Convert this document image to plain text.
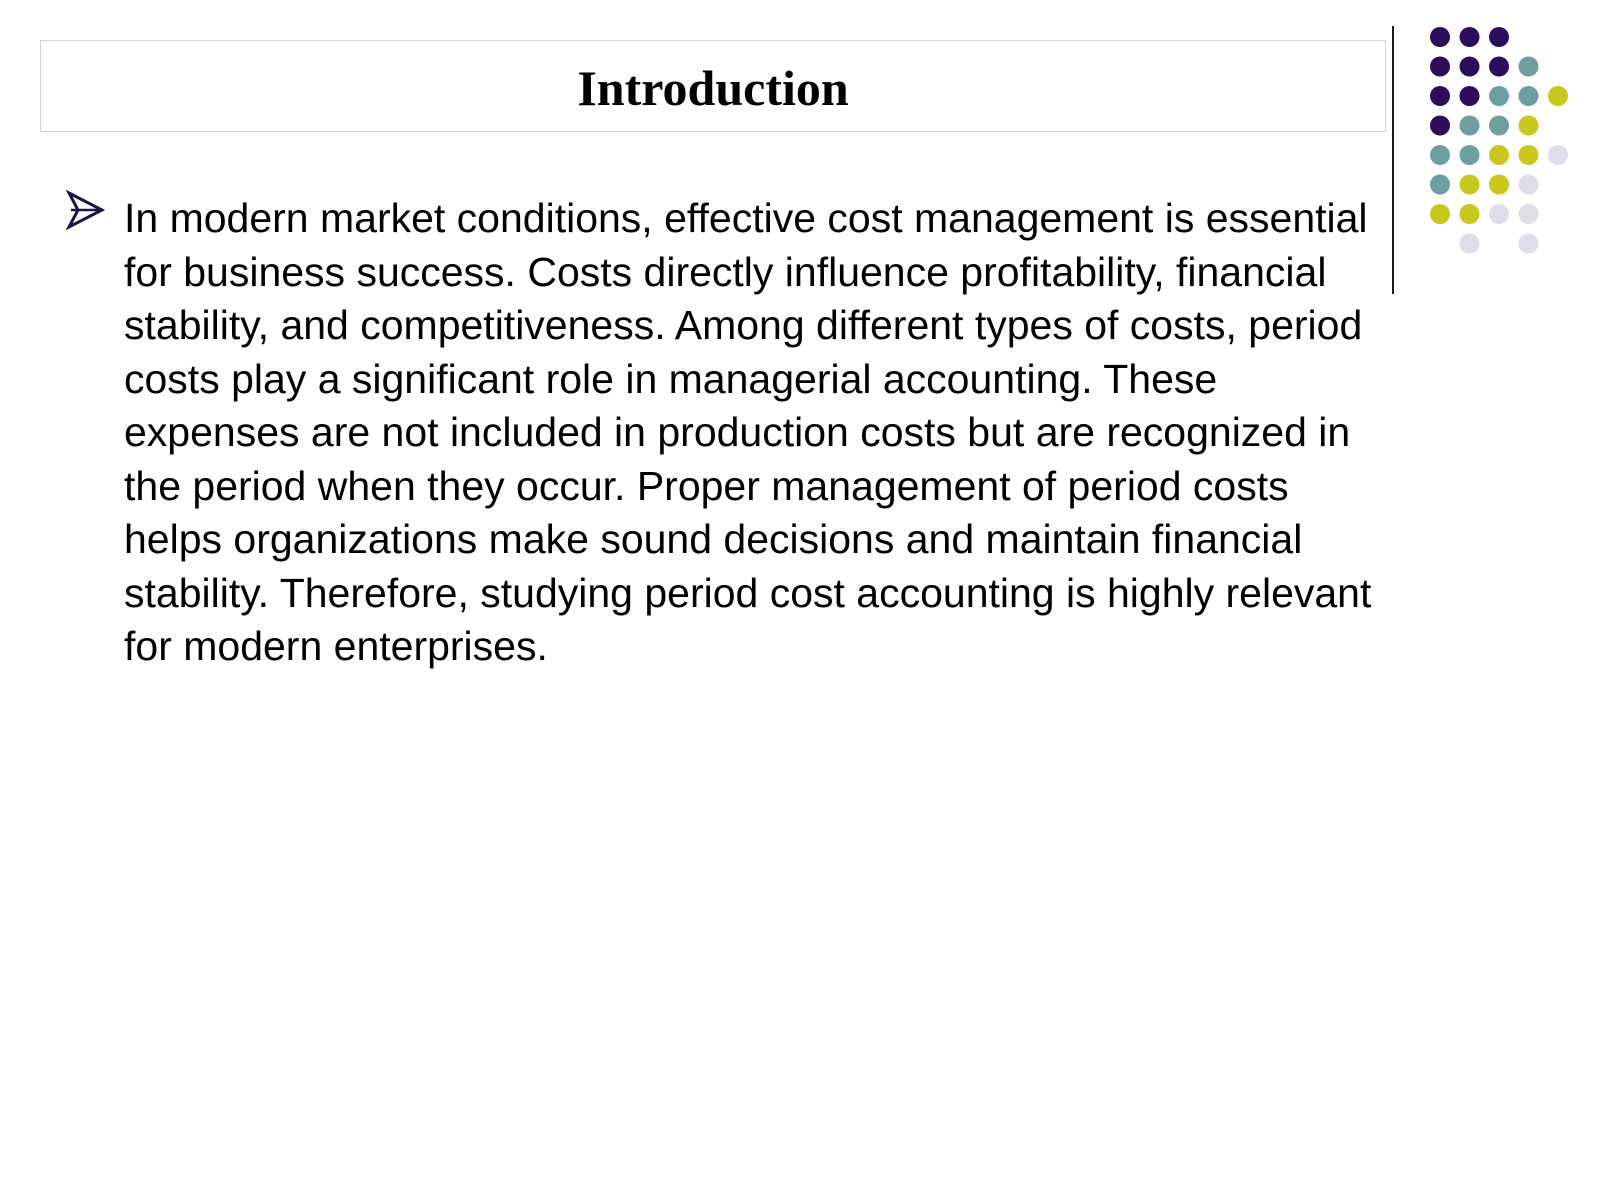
Introduction

In modern market conditions, effective cost management is essential for business success. Costs directly influence profitability, financial stability, and competitiveness. Among different types of costs, period costs play a significant role in managerial accounting. These expenses are not included in production costs but are recognized in the period when they occur. Proper management of period costs helps organizations make sound decisions and maintain financial stability. Therefore, studying period cost accounting is highly relevant for modern enterprises.
